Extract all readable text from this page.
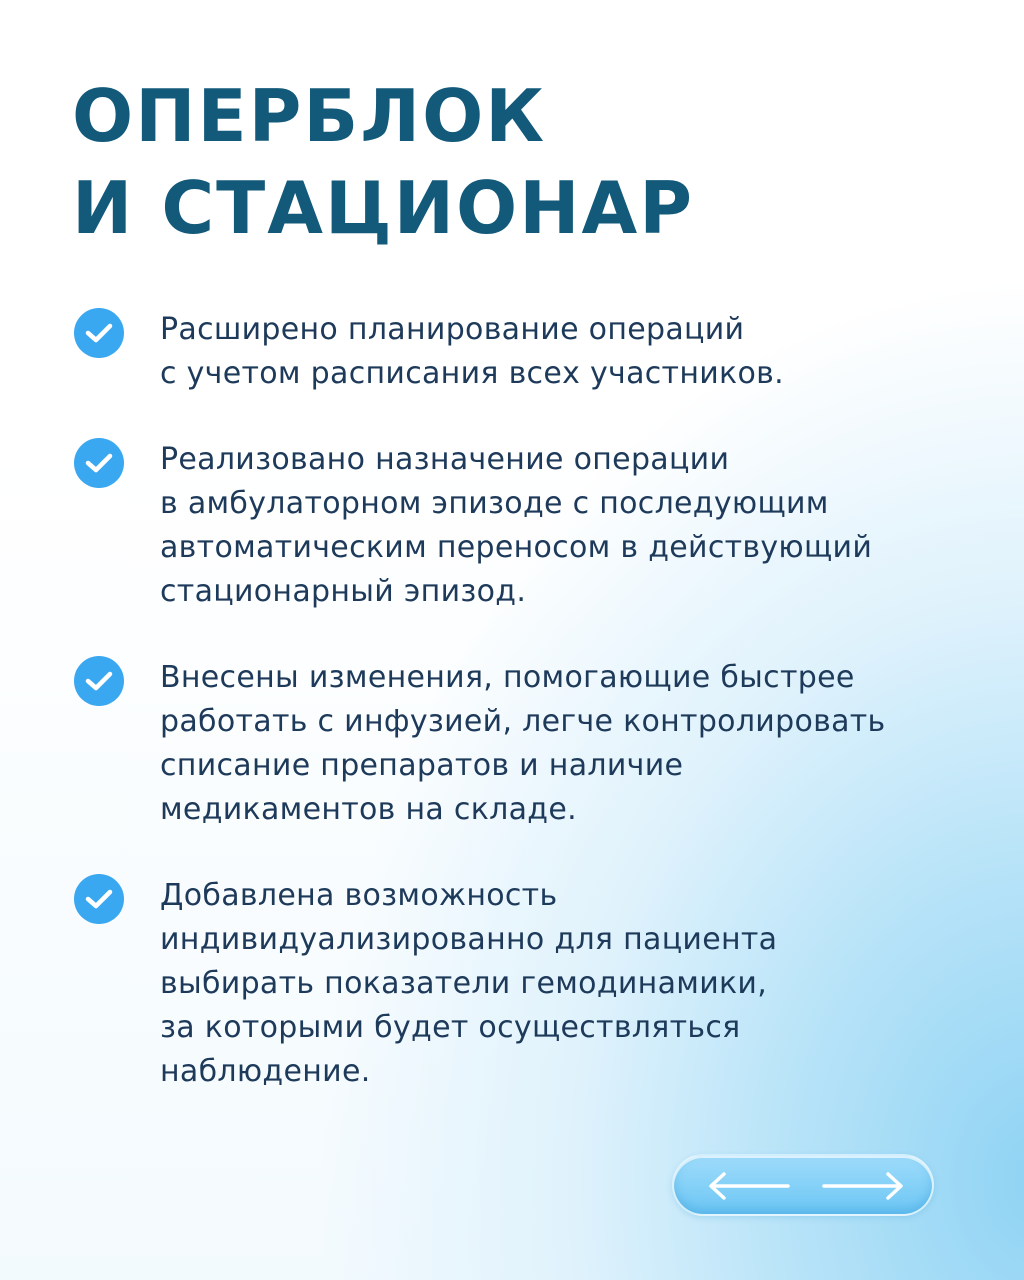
ОПЕРБЛОК
И СТАЦИОНАР
Расширено планирование операций
с учетом расписания всех участников.
Реализовано назначение операции
в амбулаторном эпизоде с последующим
автоматическим переносом в действующий
стационарный эпизод.
Внесены изменения, помогающие быстрее
работать с инфузией, легче контролировать
списание препаратов и наличие
медикаментов на складе.
Добавлена возможность
индивидуализированно для пациента
выбирать показатели гемодинамики,
за которыми будет осуществляться
наблюдение.
